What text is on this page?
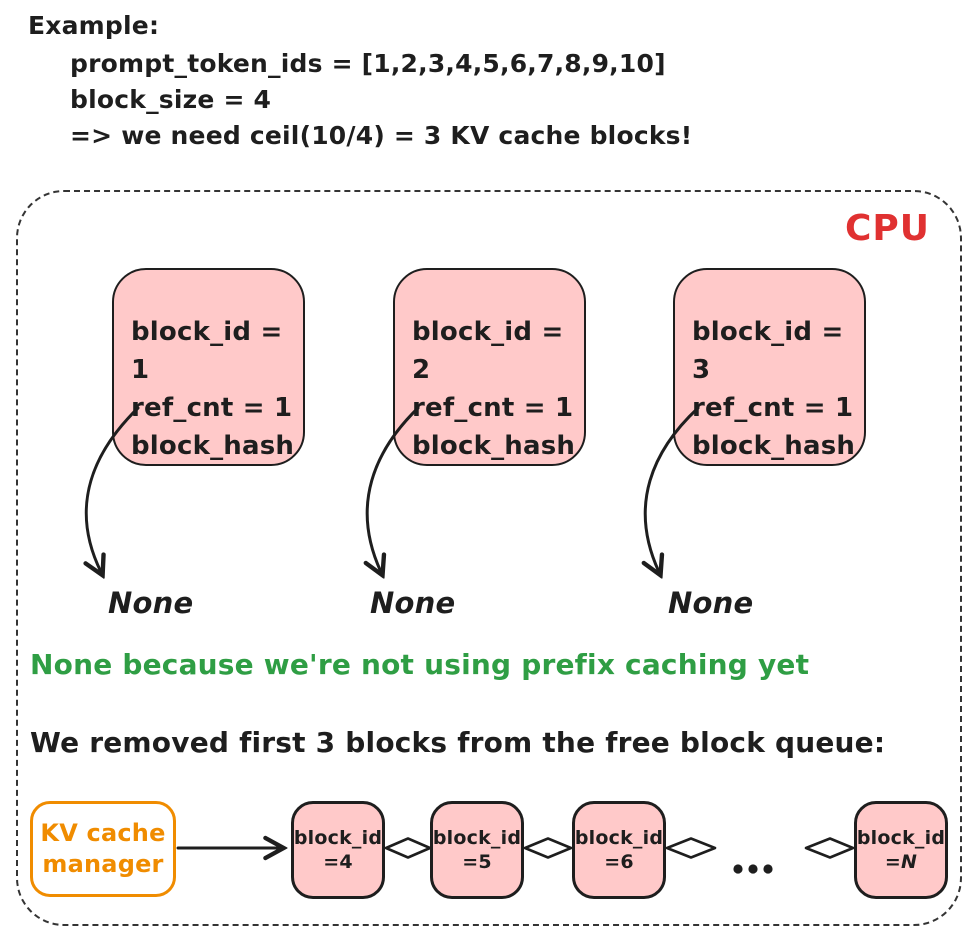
Example:
prompt_token_ids = [1,2,3,4,5,6,7,8,9,10]
block_size = 4
=> we need ceil(10/4) = 3 KV cache blocks!
CPU
block_id = 1
ref_cnt = 1
block_hash
block_id = 2
ref_cnt = 1
block_hash
block_id = 3
ref_cnt = 1
block_hash
None	None	None
None because we're not using prefix caching yet
We removed first 3 blocks from the free block queue:
KV cache
manager
block_id
=4
block_id
=5
block_id
=6
block_id
=N
